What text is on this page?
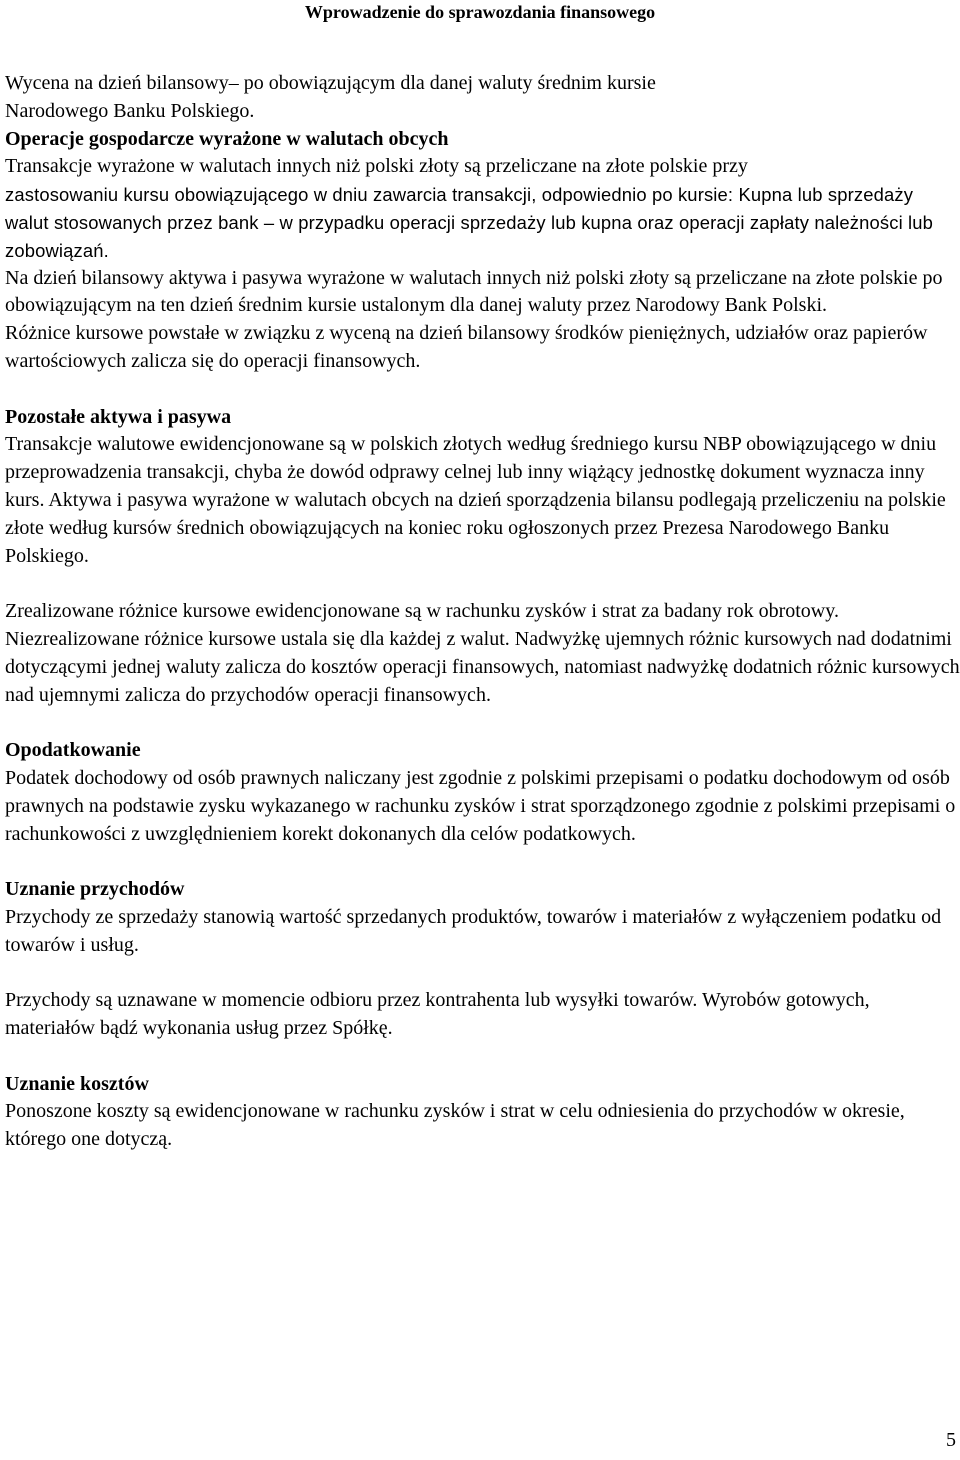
Wprowadzenie do sprawozdania finansowego

Wycena na dzień bilansowy– po obowiązującym dla danej waluty średnim kursie

Narodowego Banku Polskiego.

Operacje gospodarcze wyrażone w walutach obcych

Transakcje wyrażone w walutach innych niż polski złoty są przeliczane na złote polskie przy

zastosowaniu kursu obowiązującego w dniu zawarcia transakcji, odpowiednio po kursie: Kupna lub sprzedaży walut stosowanych przez bank – w przypadku operacji sprzedaży lub kupna oraz operacji zapłaty należności lub zobowiązań.

Na dzień bilansowy aktywa i pasywa wyrażone w walutach innych niż polski złoty są przeliczane na złote polskie po obowiązującym na ten dzień średnim kursie ustalonym dla danej waluty przez Narodowy Bank Polski.

Różnice kursowe powstałe w związku z wyceną na dzień bilansowy środków pieniężnych, udziałów oraz papierów wartościowych zalicza się do operacji finansowych.

Pozostałe aktywa i pasywa

Transakcje walutowe ewidencjonowane są w polskich złotych według średniego kursu NBP obowiązującego w dniu przeprowadzenia transakcji, chyba że dowód odprawy celnej lub inny wiążący jednostkę dokument wyznacza inny kurs. Aktywa i pasywa wyrażone w walutach obcych na dzień sporządzenia bilansu podlegają przeliczeniu na polskie złote według kursów średnich obowiązujących na koniec roku ogłoszonych przez Prezesa Narodowego Banku Polskiego.

Zrealizowane różnice kursowe ewidencjonowane są w rachunku zysków i strat za badany rok obrotowy. Niezrealizowane różnice kursowe ustala się dla każdej z walut. Nadwyżkę ujemnych różnic kursowych nad dodatnimi dotyczącymi jednej waluty zalicza do kosztów operacji finansowych, natomiast nadwyżkę dodatnich różnic kursowych nad ujemnymi zalicza do przychodów operacji finansowych.

Opodatkowanie

Podatek dochodowy od osób prawnych naliczany jest zgodnie z polskimi przepisami o podatku dochodowym od osób prawnych na podstawie zysku wykazanego w rachunku zysków i strat sporządzonego zgodnie z polskimi przepisami o rachunkowości z uwzględnieniem korekt dokonanych dla celów podatkowych.

Uznanie przychodów

Przychody ze sprzedaży stanowią wartość sprzedanych produktów, towarów i materiałów z wyłączeniem podatku od towarów i usług.

Przychody są uznawane w momencie odbioru przez kontrahenta lub wysyłki towarów. Wyrobów gotowych, materiałów bądź wykonania usług przez Spółkę.

Uznanie kosztów

Ponoszone koszty są ewidencjonowane w rachunku zysków i strat w celu odniesienia do przychodów w okresie, którego one dotyczą.

5
